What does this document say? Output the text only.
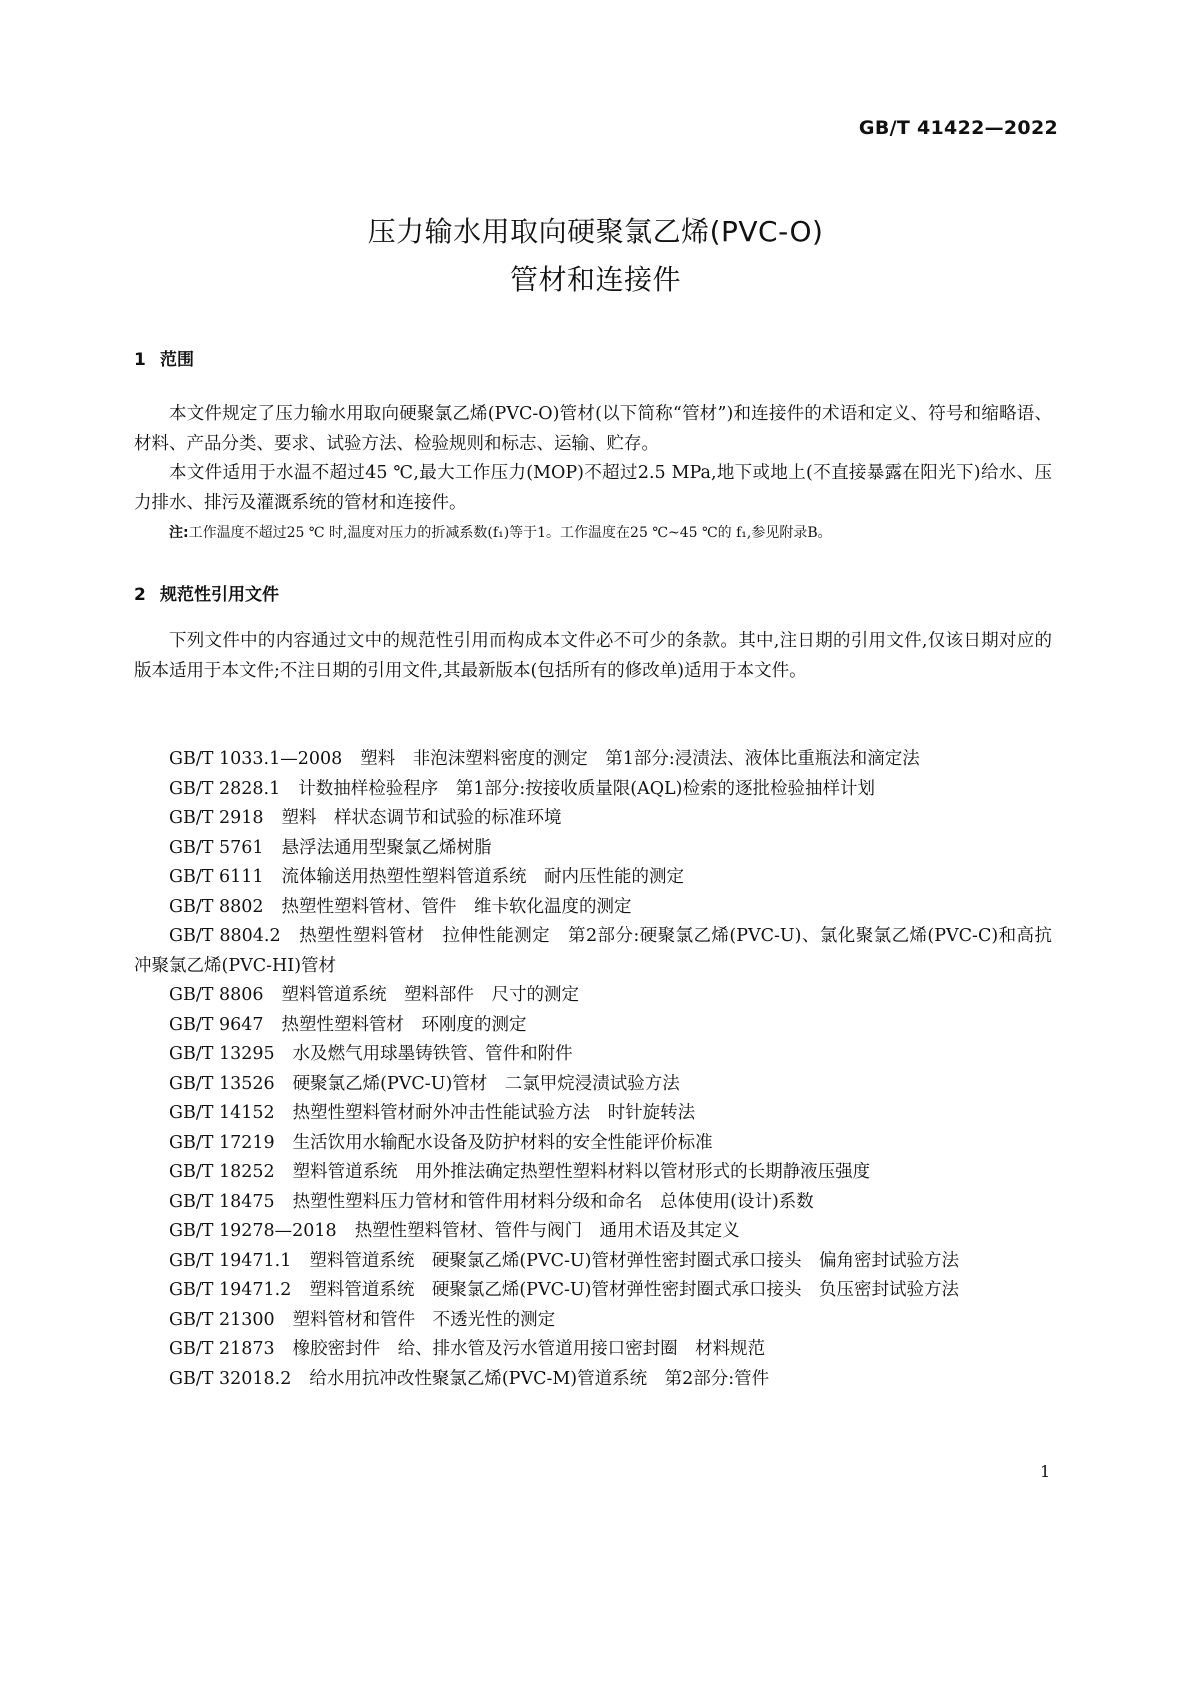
GB/T 41422—2022
压力输水用取向硬聚氯乙烯(PVC-O)
管材和连接件
1 范围

本文件规定了压力输水用取向硬聚氯乙烯(PVC-O)管材(以下简称“管材”)和连接件的术语和定义、符号和缩略语、材料、产品分类、要求、试验方法、检验规则和标志、运输、贮存。

本文件适用于水温不超过45 ℃,最大工作压力(MOP)不超过2.5 MPa,地下或地上(不直接暴露在阳光下)给水、压力排水、排污及灌溉系统的管材和连接件。

注:工作温度不超过25 ℃ 时,温度对压力的折减系数(f₁)等于1。工作温度在25 ℃~45 ℃的 f₁,参见附录B。
2 规范性引用文件

下列文件中的内容通过文中的规范性引用而构成本文件必不可少的条款。其中,注日期的引用文件,仅该日期对应的版本适用于本文件;不注日期的引用文件,其最新版本(包括所有的修改单)适用于本文件。

GB/T 1033.1—2008 塑料　非泡沫塑料密度的测定　第1部分:浸渍法、液体比重瓶法和滴定法
GB/T 2828.1 计数抽样检验程序　第1部分:按接收质量限(AQL)检索的逐批检验抽样计划
GB/T 2918 塑料　样状态调节和试验的标准环境
GB/T 5761 悬浮法通用型聚氯乙烯树脂
GB/T 6111 流体输送用热塑性塑料管道系统　耐内压性能的测定
GB/T 8802 热塑性塑料管材、管件　维卡软化温度的测定
GB/T 8804.2 热塑性塑料管材　拉伸性能测定　第2部分:硬聚氯乙烯(PVC-U)、氯化聚氯乙烯(PVC-C)和高抗冲聚氯乙烯(PVC-HI)管材
GB/T 8806 塑料管道系统　塑料部件　尺寸的测定
GB/T 9647 热塑性塑料管材　环刚度的测定
GB/T 13295 水及燃气用球墨铸铁管、管件和附件
GB/T 13526 硬聚氯乙烯(PVC-U)管材　二氯甲烷浸渍试验方法
GB/T 14152 热塑性塑料管材耐外冲击性能试验方法　时针旋转法
GB/T 17219 生活饮用水输配水设备及防护材料的安全性能评价标准
GB/T 18252 塑料管道系统　用外推法确定热塑性塑料材料以管材形式的长期静液压强度
GB/T 18475 热塑性塑料压力管材和管件用材料分级和命名　总体使用(设计)系数
GB/T 19278—2018 热塑性塑料管材、管件与阀门　通用术语及其定义
GB/T 19471.1 塑料管道系统　硬聚氯乙烯(PVC-U)管材弹性密封圈式承口接头　偏角密封试验方法
GB/T 19471.2 塑料管道系统　硬聚氯乙烯(PVC-U)管材弹性密封圈式承口接头　负压密封试验方法
GB/T 21300 塑料管材和管件　不透光性的测定
GB/T 21873 橡胶密封件　给、排水管及污水管道用接口密封圈　材料规范
GB/T 32018.2 给水用抗冲改性聚氯乙烯(PVC-M)管道系统　第2部分:管件
1
